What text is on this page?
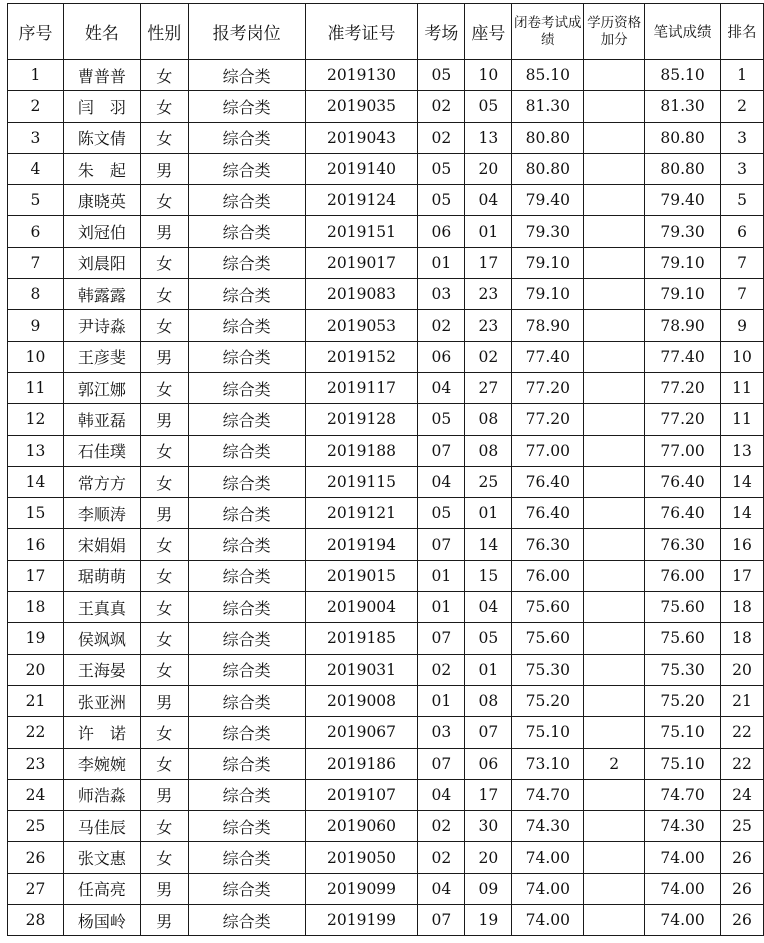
序号	姓名	性别	报考岗位	准考证号	考场	座号	闭卷考试成绩	学历资格加分	笔试成绩	排名
1	曹普普	女	综合类	2019130	05	10	85.10		85.10	1
2	闫　羽	女	综合类	2019035	02	05	81.30		81.30	2
3	陈文倩	女	综合类	2019043	02	13	80.80		80.80	3
4	朱　起	男	综合类	2019140	05	20	80.80		80.80	3
5	康晓英	女	综合类	2019124	05	04	79.40		79.40	5
6	刘冠伯	男	综合类	2019151	06	01	79.30		79.30	6
7	刘晨阳	女	综合类	2019017	01	17	79.10		79.10	7
8	韩露露	女	综合类	2019083	03	23	79.10		79.10	7
9	尹诗淼	女	综合类	2019053	02	23	78.90		78.90	9
10	王彦斐	男	综合类	2019152	06	02	77.40		77.40	10
11	郭江娜	女	综合类	2019117	04	27	77.20		77.20	11
12	韩亚磊	男	综合类	2019128	05	08	77.20		77.20	11
13	石佳璞	女	综合类	2019188	07	08	77.00		77.00	13
14	常方方	女	综合类	2019115	04	25	76.40		76.40	14
15	李顺涛	男	综合类	2019121	05	01	76.40		76.40	14
16	宋娟娟	女	综合类	2019194	07	14	76.30		76.30	16
17	琚萌萌	女	综合类	2019015	01	15	76.00		76.00	17
18	王真真	女	综合类	2019004	01	04	75.60		75.60	18
19	侯飒飒	女	综合类	2019185	07	05	75.60		75.60	18
20	王海晏	女	综合类	2019031	02	01	75.30		75.30	20
21	张亚洲	男	综合类	2019008	01	08	75.20		75.20	21
22	许　诺	女	综合类	2019067	03	07	75.10		75.10	22
23	李婉婉	女	综合类	2019186	07	06	73.10	2	75.10	22
24	师浩淼	男	综合类	2019107	04	17	74.70		74.70	24
25	马佳辰	女	综合类	2019060	02	30	74.30		74.30	25
26	张文惠	女	综合类	2019050	02	20	74.00		74.00	26
27	任高亮	男	综合类	2019099	04	09	74.00		74.00	26
28	杨国岭	男	综合类	2019199	07	19	74.00		74.00	26
